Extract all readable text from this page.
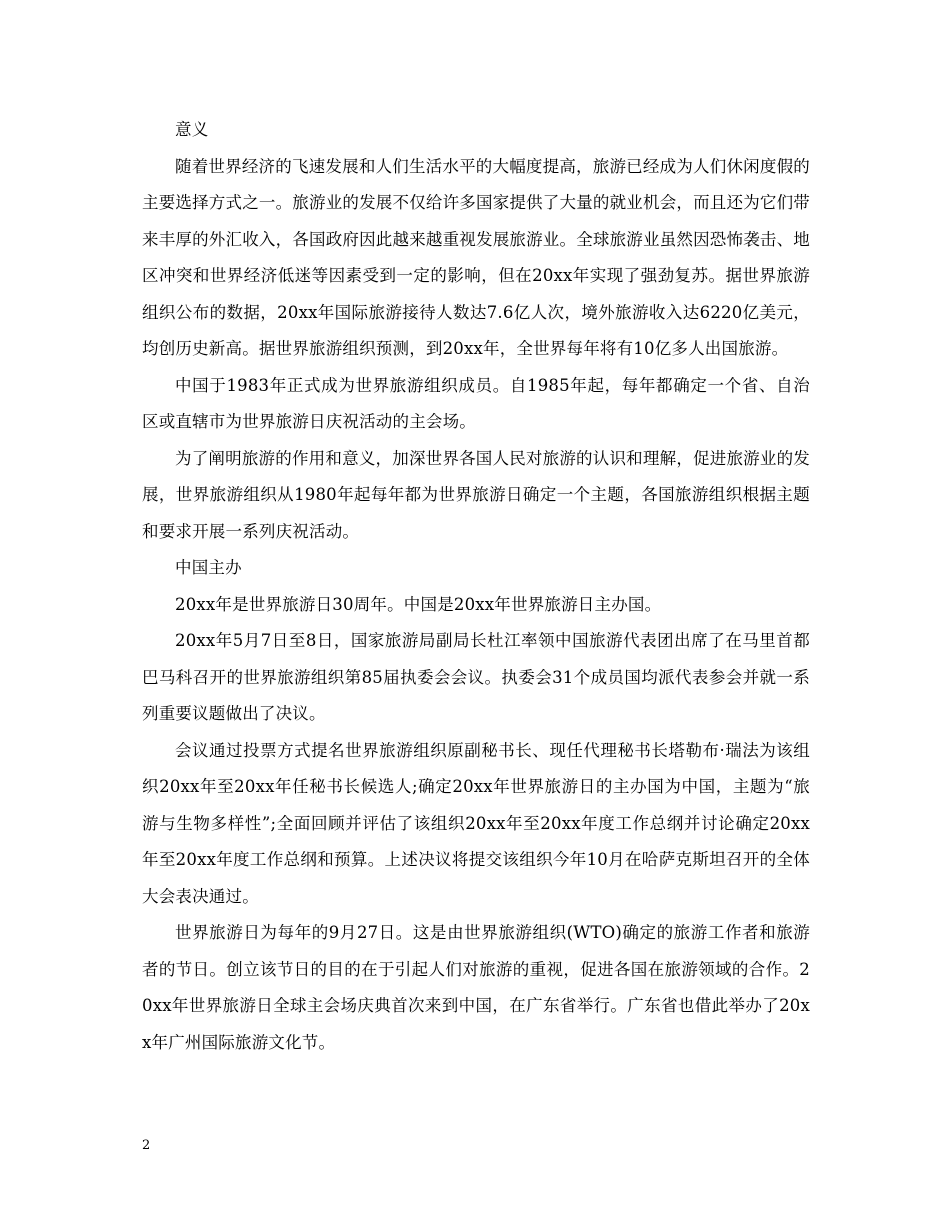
意义

随着世界经济的飞速发展和人们生活水平的大幅度提高，旅游已经成为人们休闲度假的主要选择方式之一。旅游业的发展不仅给许多国家提供了大量的就业机会，而且还为它们带来丰厚的外汇收入，各国政府因此越来越重视发展旅游业。全球旅游业虽然因恐怖袭击、地区冲突和世界经济低迷等因素受到一定的影响，但在20xx年实现了强劲复苏。据世界旅游组织公布的数据，20xx年国际旅游接待人数达7.6亿人次，境外旅游收入达6220亿美元，均创历史新高。据世界旅游组织预测，到20xx年，全世界每年将有10亿多人出国旅游。

中国于1983年正式成为世界旅游组织成员。自1985年起，每年都确定一个省、自治区或直辖市为世界旅游日庆祝活动的主会场。

为了阐明旅游的作用和意义，加深世界各国人民对旅游的认识和理解，促进旅游业的发展，世界旅游组织从1980年起每年都为世界旅游日确定一个主题，各国旅游组织根据主题和要求开展一系列庆祝活动。

中国主办

20xx年是世界旅游日30周年。中国是20xx年世界旅游日主办国。

20xx年5月7日至8日，国家旅游局副局长杜江率领中国旅游代表团出席了在马里首都巴马科召开的世界旅游组织第85届执委会会议。执委会31个成员国均派代表参会并就一系列重要议题做出了决议。

会议通过投票方式提名世界旅游组织原副秘书长、现任代理秘书长塔勒布·瑞法为该组织20xx年至20xx年任秘书长候选人;确定20xx年世界旅游日的主办国为中国，主题为“旅游与生物多样性”;全面回顾并评估了该组织20xx年至20xx年度工作总纲并讨论确定20xx年至20xx年度工作总纲和预算。上述决议将提交该组织今年10月在哈萨克斯坦召开的全体大会表决通过。

世界旅游日为每年的9月27日。这是由世界旅游组织(WTO)确定的旅游工作者和旅游者的节日。创立该节日的目的在于引起人们对旅游的重视，促进各国在旅游领域的合作。20xx年世界旅游日全球主会场庆典首次来到中国，在广东省举行。广东省也借此举办了20xx年广州国际旅游文化节。

2
